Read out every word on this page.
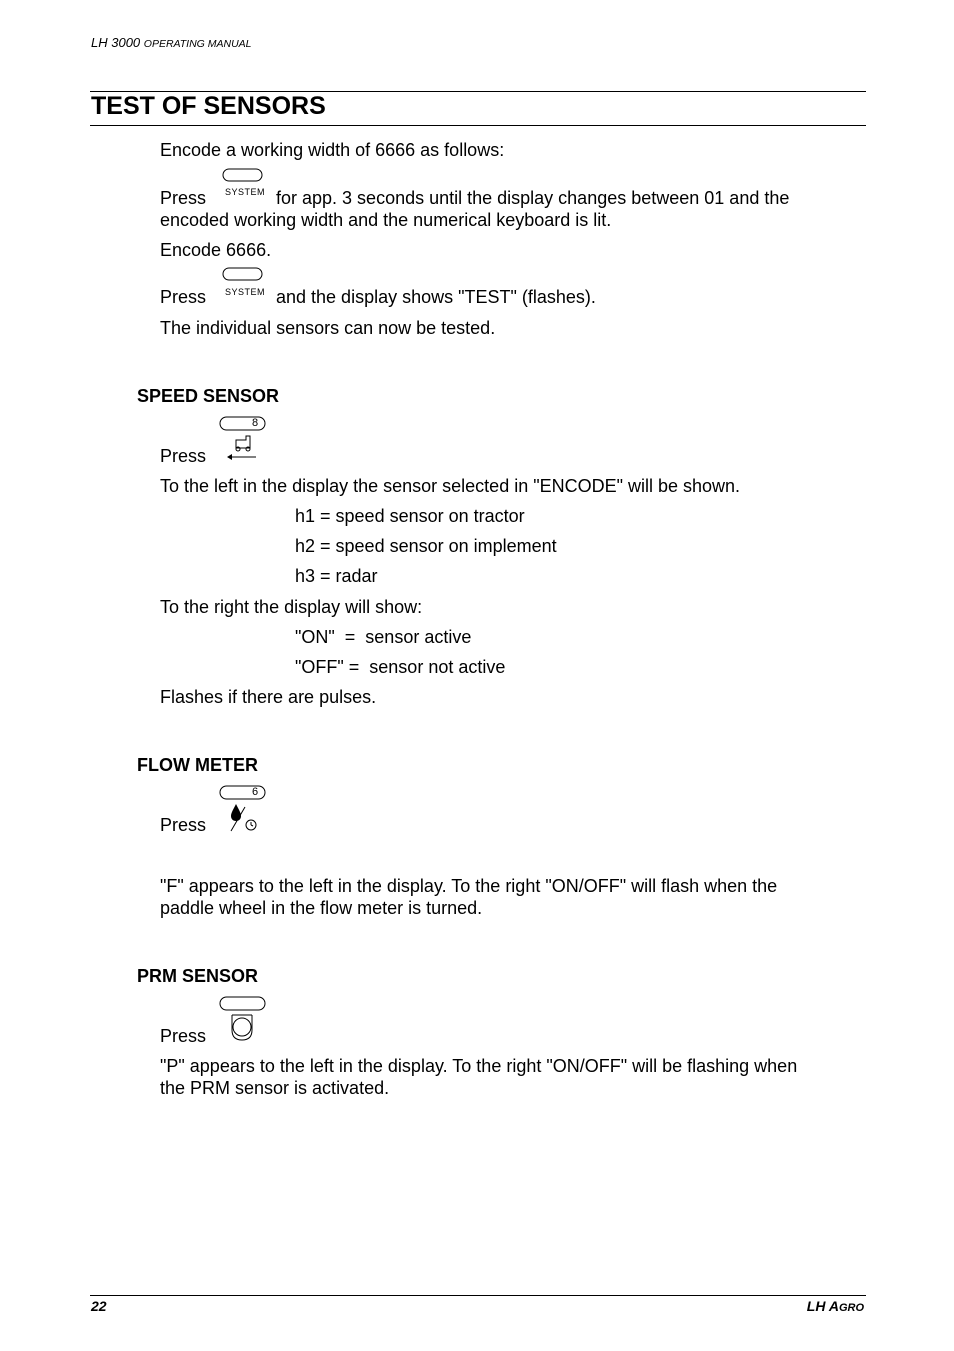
LH 3000 OPERATING MANUAL
TEST OF SENSORS
Encode a working width of 6666 as follows:
SYSTEM
Press	for app. 3 seconds until the display changes between 01 and the
encoded working width and the numerical keyboard is lit.
Encode 6666.
SYSTEM
Press	and the display shows "TEST" (flashes).
The individual sensors can now be tested.
SPEED SENSOR
8
Press
To the left in the display the sensor selected in "ENCODE" will be shown.
h1 = speed sensor on tractor
h2 = speed sensor on implement
h3 = radar
To the right the display will show:
"ON"  =  sensor active
"OFF" =  sensor not active
Flashes if there are pulses.
FLOW METER
6
Press
"F" appears to the left in the display. To the right "ON/OFF" will flash when the
paddle wheel in the flow meter is turned.
PRM SENSOR
Press
"P" appears to the left in the display. To the right "ON/OFF" will be flashing when
the PRM sensor is activated.
22	LH AGRO
